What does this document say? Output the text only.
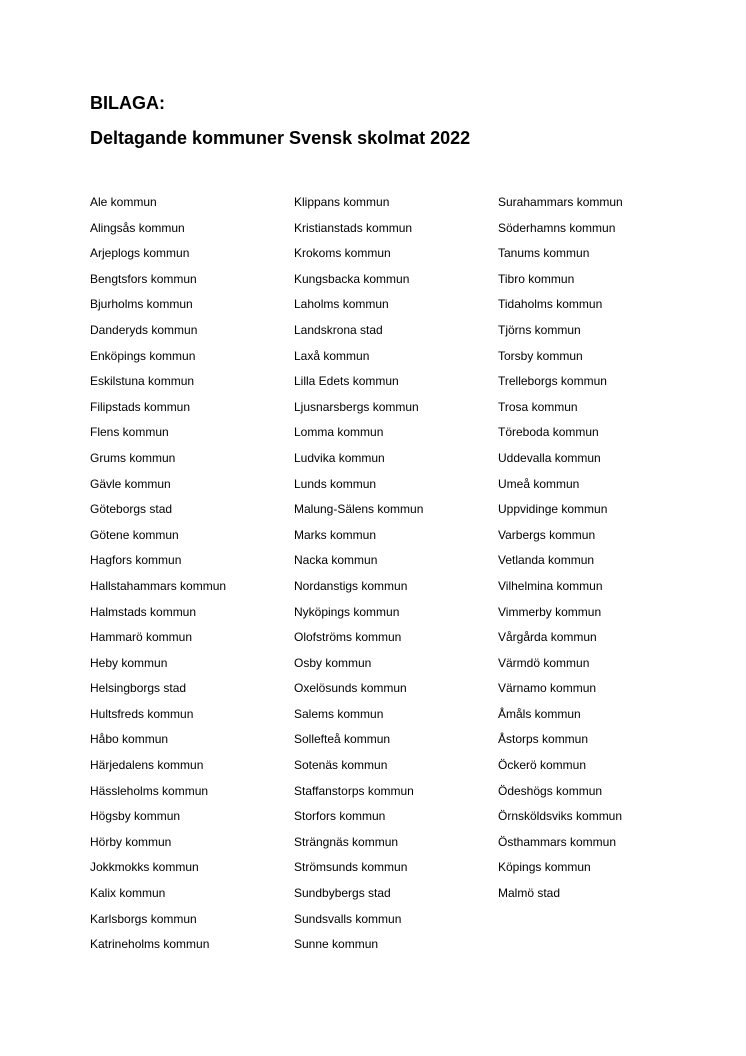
BILAGA:
Deltagande kommuner Svensk skolmat 2022
Ale kommun
Alingsås kommun
Arjeplogs kommun
Bengtsfors kommun
Bjurholms kommun
Danderyds kommun
Enköpings kommun
Eskilstuna kommun
Filipstads kommun
Flens kommun
Grums kommun
Gävle kommun
Göteborgs stad
Götene kommun
Hagfors kommun
Hallstahammars kommun
Halmstads kommun
Hammarö kommun
Heby kommun
Helsingborgs stad
Hultsfreds kommun
Håbo kommun
Härjedalens kommun
Hässleholms kommun
Högsby kommun
Hörby kommun
Jokkmokks kommun
Kalix kommun
Karlsborgs kommun
Katrineholms kommun
Klippans kommun
Kristianstads kommun
Krokoms kommun
Kungsbacka kommun
Laholms kommun
Landskrona stad
Laxå kommun
Lilla Edets kommun
Ljusnarsbergs kommun
Lomma kommun
Ludvika kommun
Lunds kommun
Malung-Sälens kommun
Marks kommun
Nacka kommun
Nordanstigs kommun
Nyköpings kommun
Olofströms kommun
Osby kommun
Oxelösunds kommun
Salems kommun
Sollefteå kommun
Sotenäs kommun
Staffanstorps kommun
Storfors kommun
Strängnäs kommun
Strömsunds kommun
Sundbybergs stad
Sundsvalls kommun
Sunne kommun
Surahammars kommun
Söderhamns kommun
Tanums kommun
Tibro kommun
Tidaholms kommun
Tjörns kommun
Torsby kommun
Trelleborgs kommun
Trosa kommun
Töreboda kommun
Uddevalla kommun
Umeå kommun
Uppvidinge kommun
Varbergs kommun
Vetlanda kommun
Vilhelmina kommun
Vimmerby kommun
Vårgårda kommun
Värmdö kommun
Värnamo kommun
Åmåls kommun
Åstorps kommun
Öckerö kommun
Ödeshögs kommun
Örnsköldsviks kommun
Östhammars kommun
Köpings kommun
Malmö stad
